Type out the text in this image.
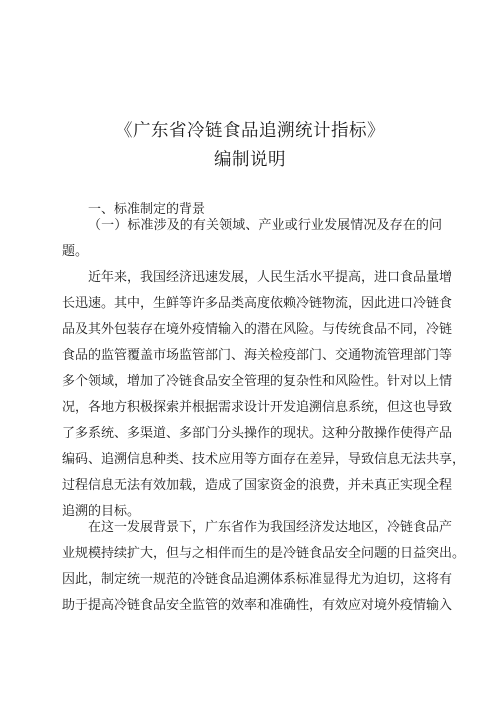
《广东省冷链食品追溯统计指标》
编制说明
一、标准制定的背景
（一）标准涉及的有关领域、产业或行业发展情况及存在的问
题。
近年来，我国经济迅速发展，人民生活水平提高，进口食品量增
长迅速。其中，生鲜等许多品类高度依赖冷链物流，因此进口冷链食
品及其外包装存在境外疫情输入的潜在风险。与传统食品不同，冷链
食品的监管覆盖市场监管部门、海关检疫部门、交通物流管理部门等
多个领域，增加了冷链食品安全管理的复杂性和风险性。针对以上情
况，各地方积极探索并根据需求设计开发追溯信息系统，但这也导致
了多系统、多渠道、多部门分头操作的现状。这种分散操作使得产品
编码、追溯信息种类、技术应用等方面存在差异，导致信息无法共享，
过程信息无法有效加载，造成了国家资金的浪费，并未真正实现全程
追溯的目标。
在这一发展背景下，广东省作为我国经济发达地区，冷链食品产
业规模持续扩大，但与之相伴而生的是冷链食品安全问题的日益突出。
因此，制定统一规范的冷链食品追溯体系标准显得尤为迫切，这将有
助于提高冷链食品安全监管的效率和准确性，有效应对境外疫情输入
